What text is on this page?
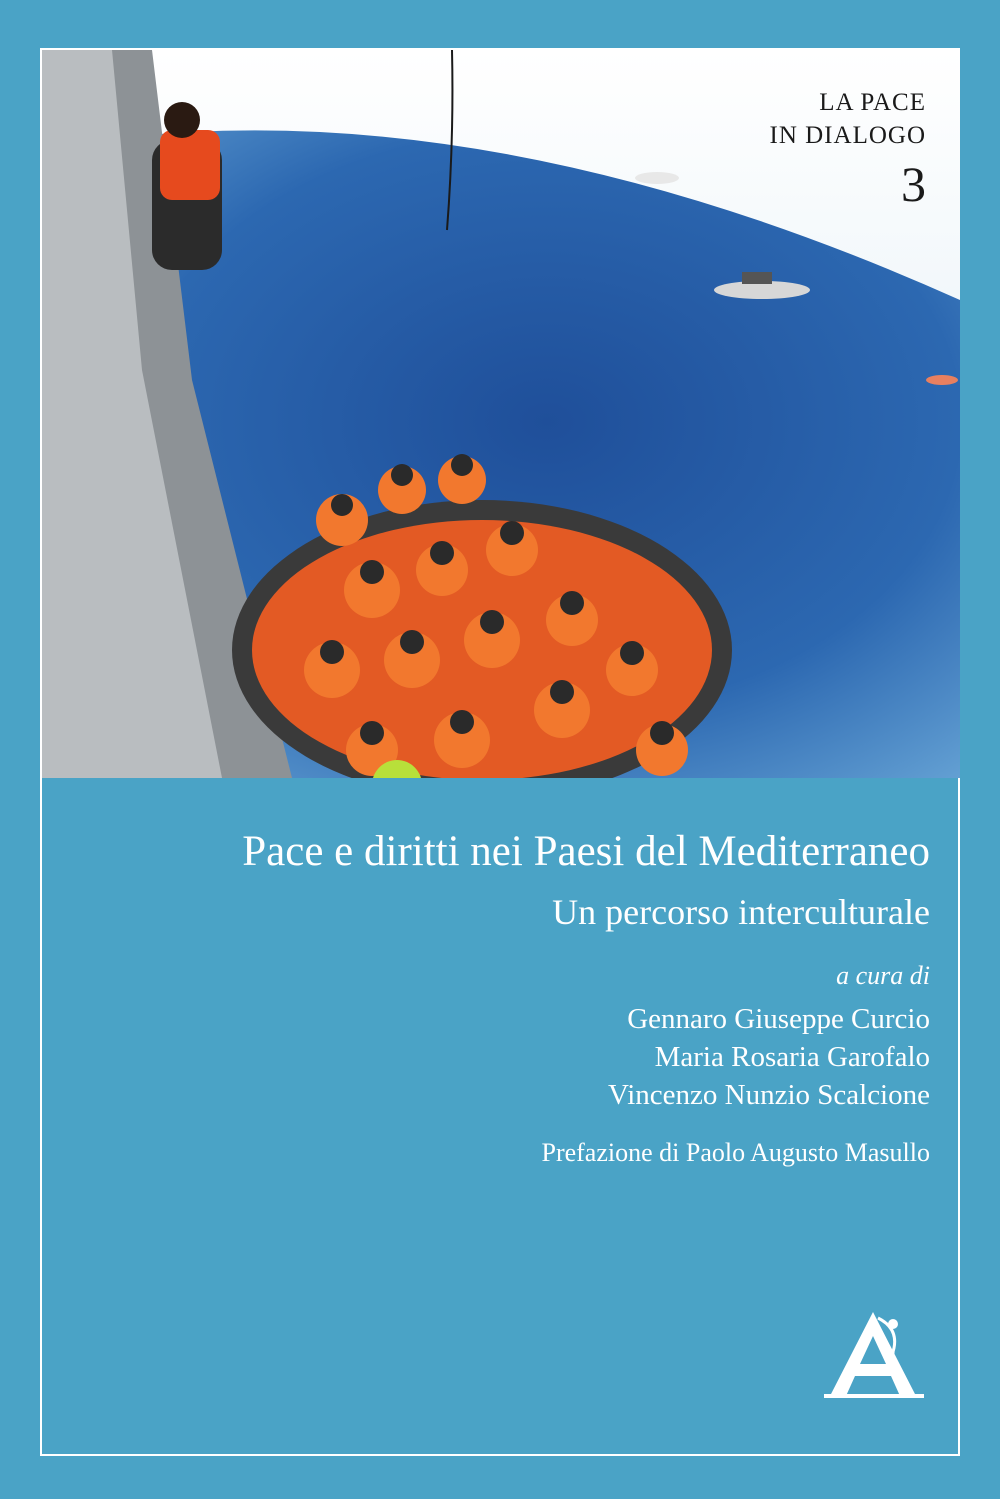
LA PACE
IN DIALOGO
3
Pace e diritti nei Paesi del Mediterraneo
Un percorso interculturale
a cura di
Gennaro Giuseppe Curcio
Maria Rosaria Garofalo
Vincenzo Nunzio Scalcione
Prefazione di Paolo Augusto Masullo
